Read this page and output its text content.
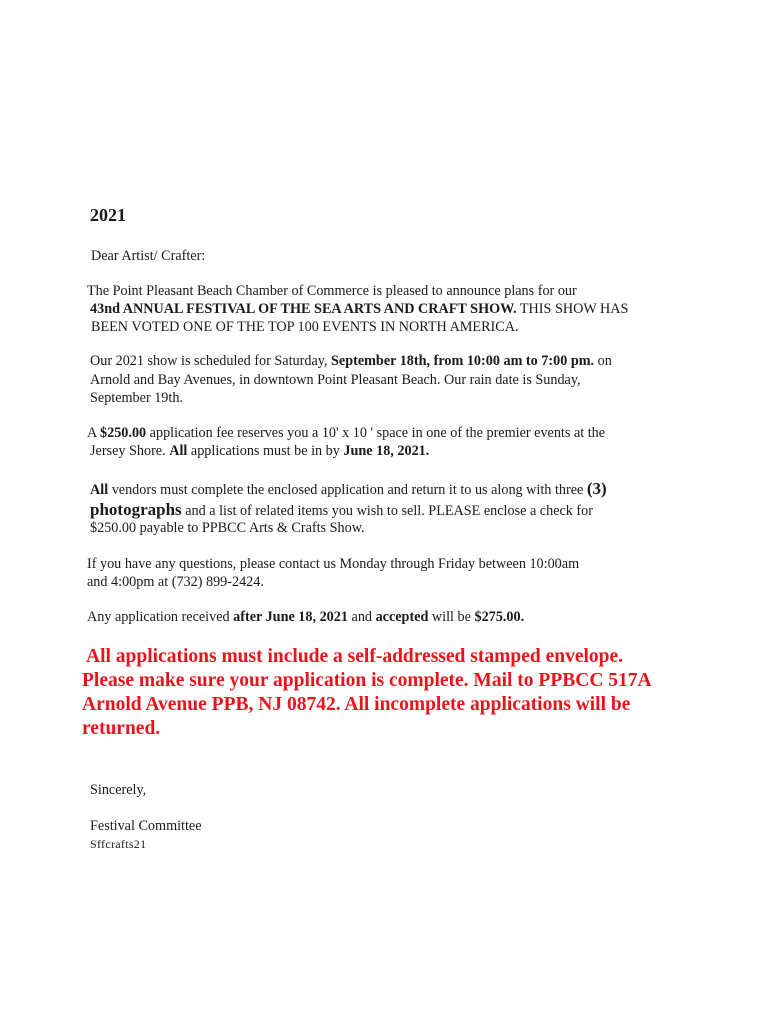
2021
Dear Artist/ Crafter:
The Point Pleasant Beach Chamber of Commerce is pleased to announce plans for our
43nd ANNUAL FESTIVAL OF THE SEA ARTS AND CRAFT SHOW. THIS SHOW HAS
BEEN VOTED ONE OF THE TOP 100 EVENTS IN NORTH AMERICA.
Our 2021 show is scheduled for Saturday, September 18th, from 10:00 am to 7:00 pm. on
Arnold and Bay Avenues, in downtown Point Pleasant Beach. Our rain date is Sunday,
September 19th.
A $250.00 application fee reserves you a 10' x 10 ' space in one of the premier events at the
Jersey Shore. All applications must be in by June 18, 2021.
All vendors must complete the enclosed application and return it to us along with three (3)
photographs and a list of related items you wish to sell. PLEASE enclose a check for
$250.00 payable to PPBCC Arts & Crafts Show.
If you have any questions, please contact us Monday through Friday between 10:00am
and 4:00pm at (732) 899-2424.
Any application received after June 18, 2021 and accepted will be $275.00.
All applications must include a self-addressed stamped envelope.
Please make sure your application is complete. Mail to PPBCC 517A
Arnold Avenue PPB, NJ 08742. All incomplete applications will be
returned.
Sincerely,
Festival Committee
Sffcrafts21
